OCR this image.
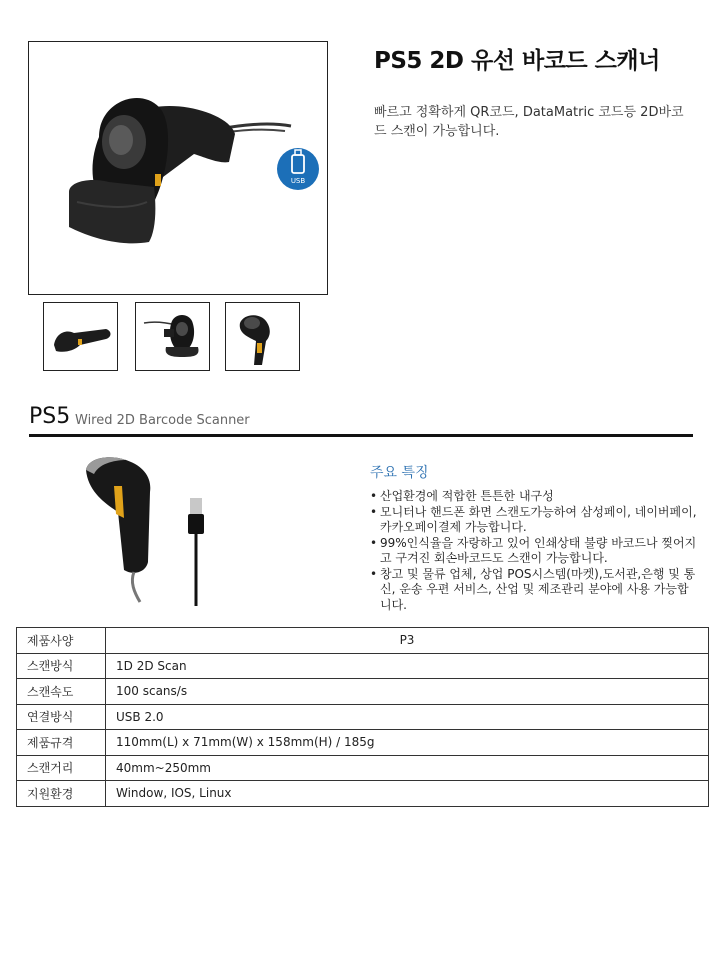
USB
PS5 2D 유선 바코드 스캐너
빠르고 정확하게 QR코드, DataMatric 코드등 2D바코드 스캔이 가능합니다.
PS5 Wired 2D Barcode Scanner
주요 특징
• 산업환경에 적합한 튼튼한 내구성
• 모니터나 핸드폰 화면 스캔도가능하여 삼성페이, 네이버페이, 카카오페이결제 가능합니다.
• 99%인식율을 자랑하고 있어 인쇄상태 불량 바코드나 찢어지고 구겨진 회손바코드도 스캔이 가능합니다.
• 창고 및 물류 업체, 상업 POS시스템(마켓),도서관,은행 및 통신, 운송 우편 서비스, 산업 및 제조관리 분야에 사용 가능합니다.
제품사양	P3
스캔방식	1D 2D Scan
스캔속도	100 scans/s
연결방식	USB 2.0
제품규격	110mm(L) x 71mm(W) x 158mm(H) / 185g
스캔거리	40mm~250mm
지원환경	Window, IOS, Linux
